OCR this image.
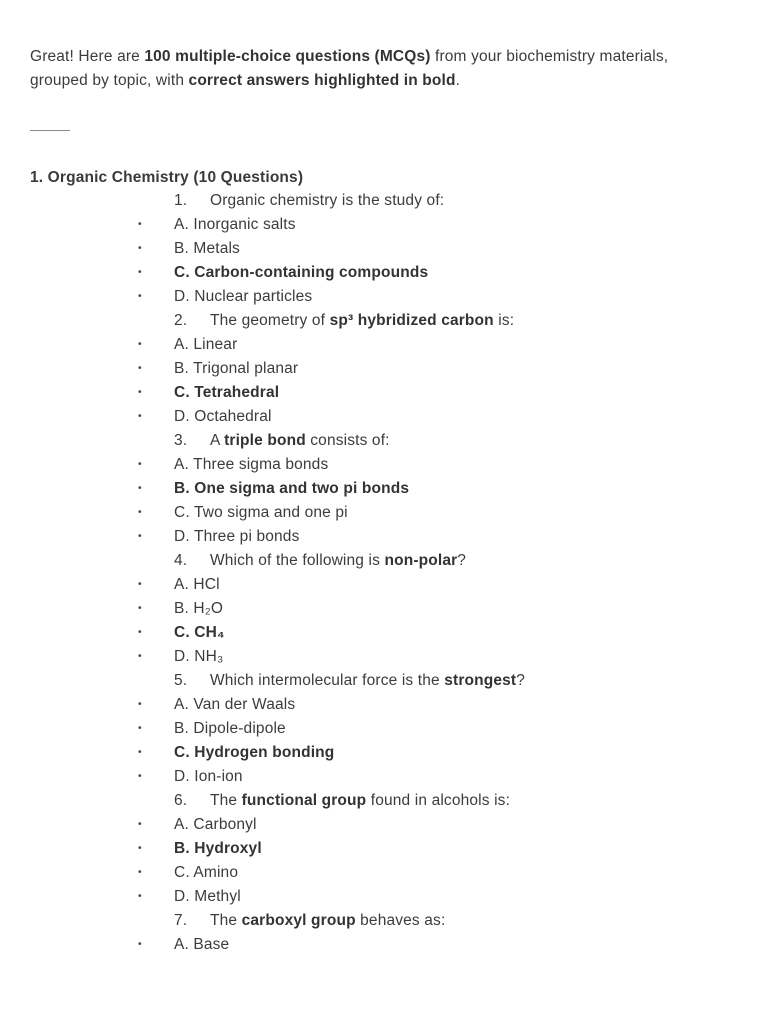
Great! Here are 100 multiple-choice questions (MCQs) from your biochemistry materials, grouped by topic, with correct answers highlighted in bold.
1. Organic Chemistry (10 Questions)
1. Organic chemistry is the study of:
• A. Inorganic salts
• B. Metals
• C. Carbon-containing compounds
• D. Nuclear particles
2. The geometry of sp³ hybridized carbon is:
• A. Linear
• B. Trigonal planar
• C. Tetrahedral
• D. Octahedral
3. A triple bond consists of:
• A. Three sigma bonds
• B. One sigma and two pi bonds
• C. Two sigma and one pi
• D. Three pi bonds
4. Which of the following is non-polar?
• A. HCl
• B. H₂O
• C. CH₄
• D. NH₃
5. Which intermolecular force is the strongest?
• A. Van der Waals
• B. Dipole-dipole
• C. Hydrogen bonding
• D. Ion-ion
6. The functional group found in alcohols is:
• A. Carbonyl
• B. Hydroxyl
• C. Amino
• D. Methyl
7. The carboxyl group behaves as:
• A. Base
